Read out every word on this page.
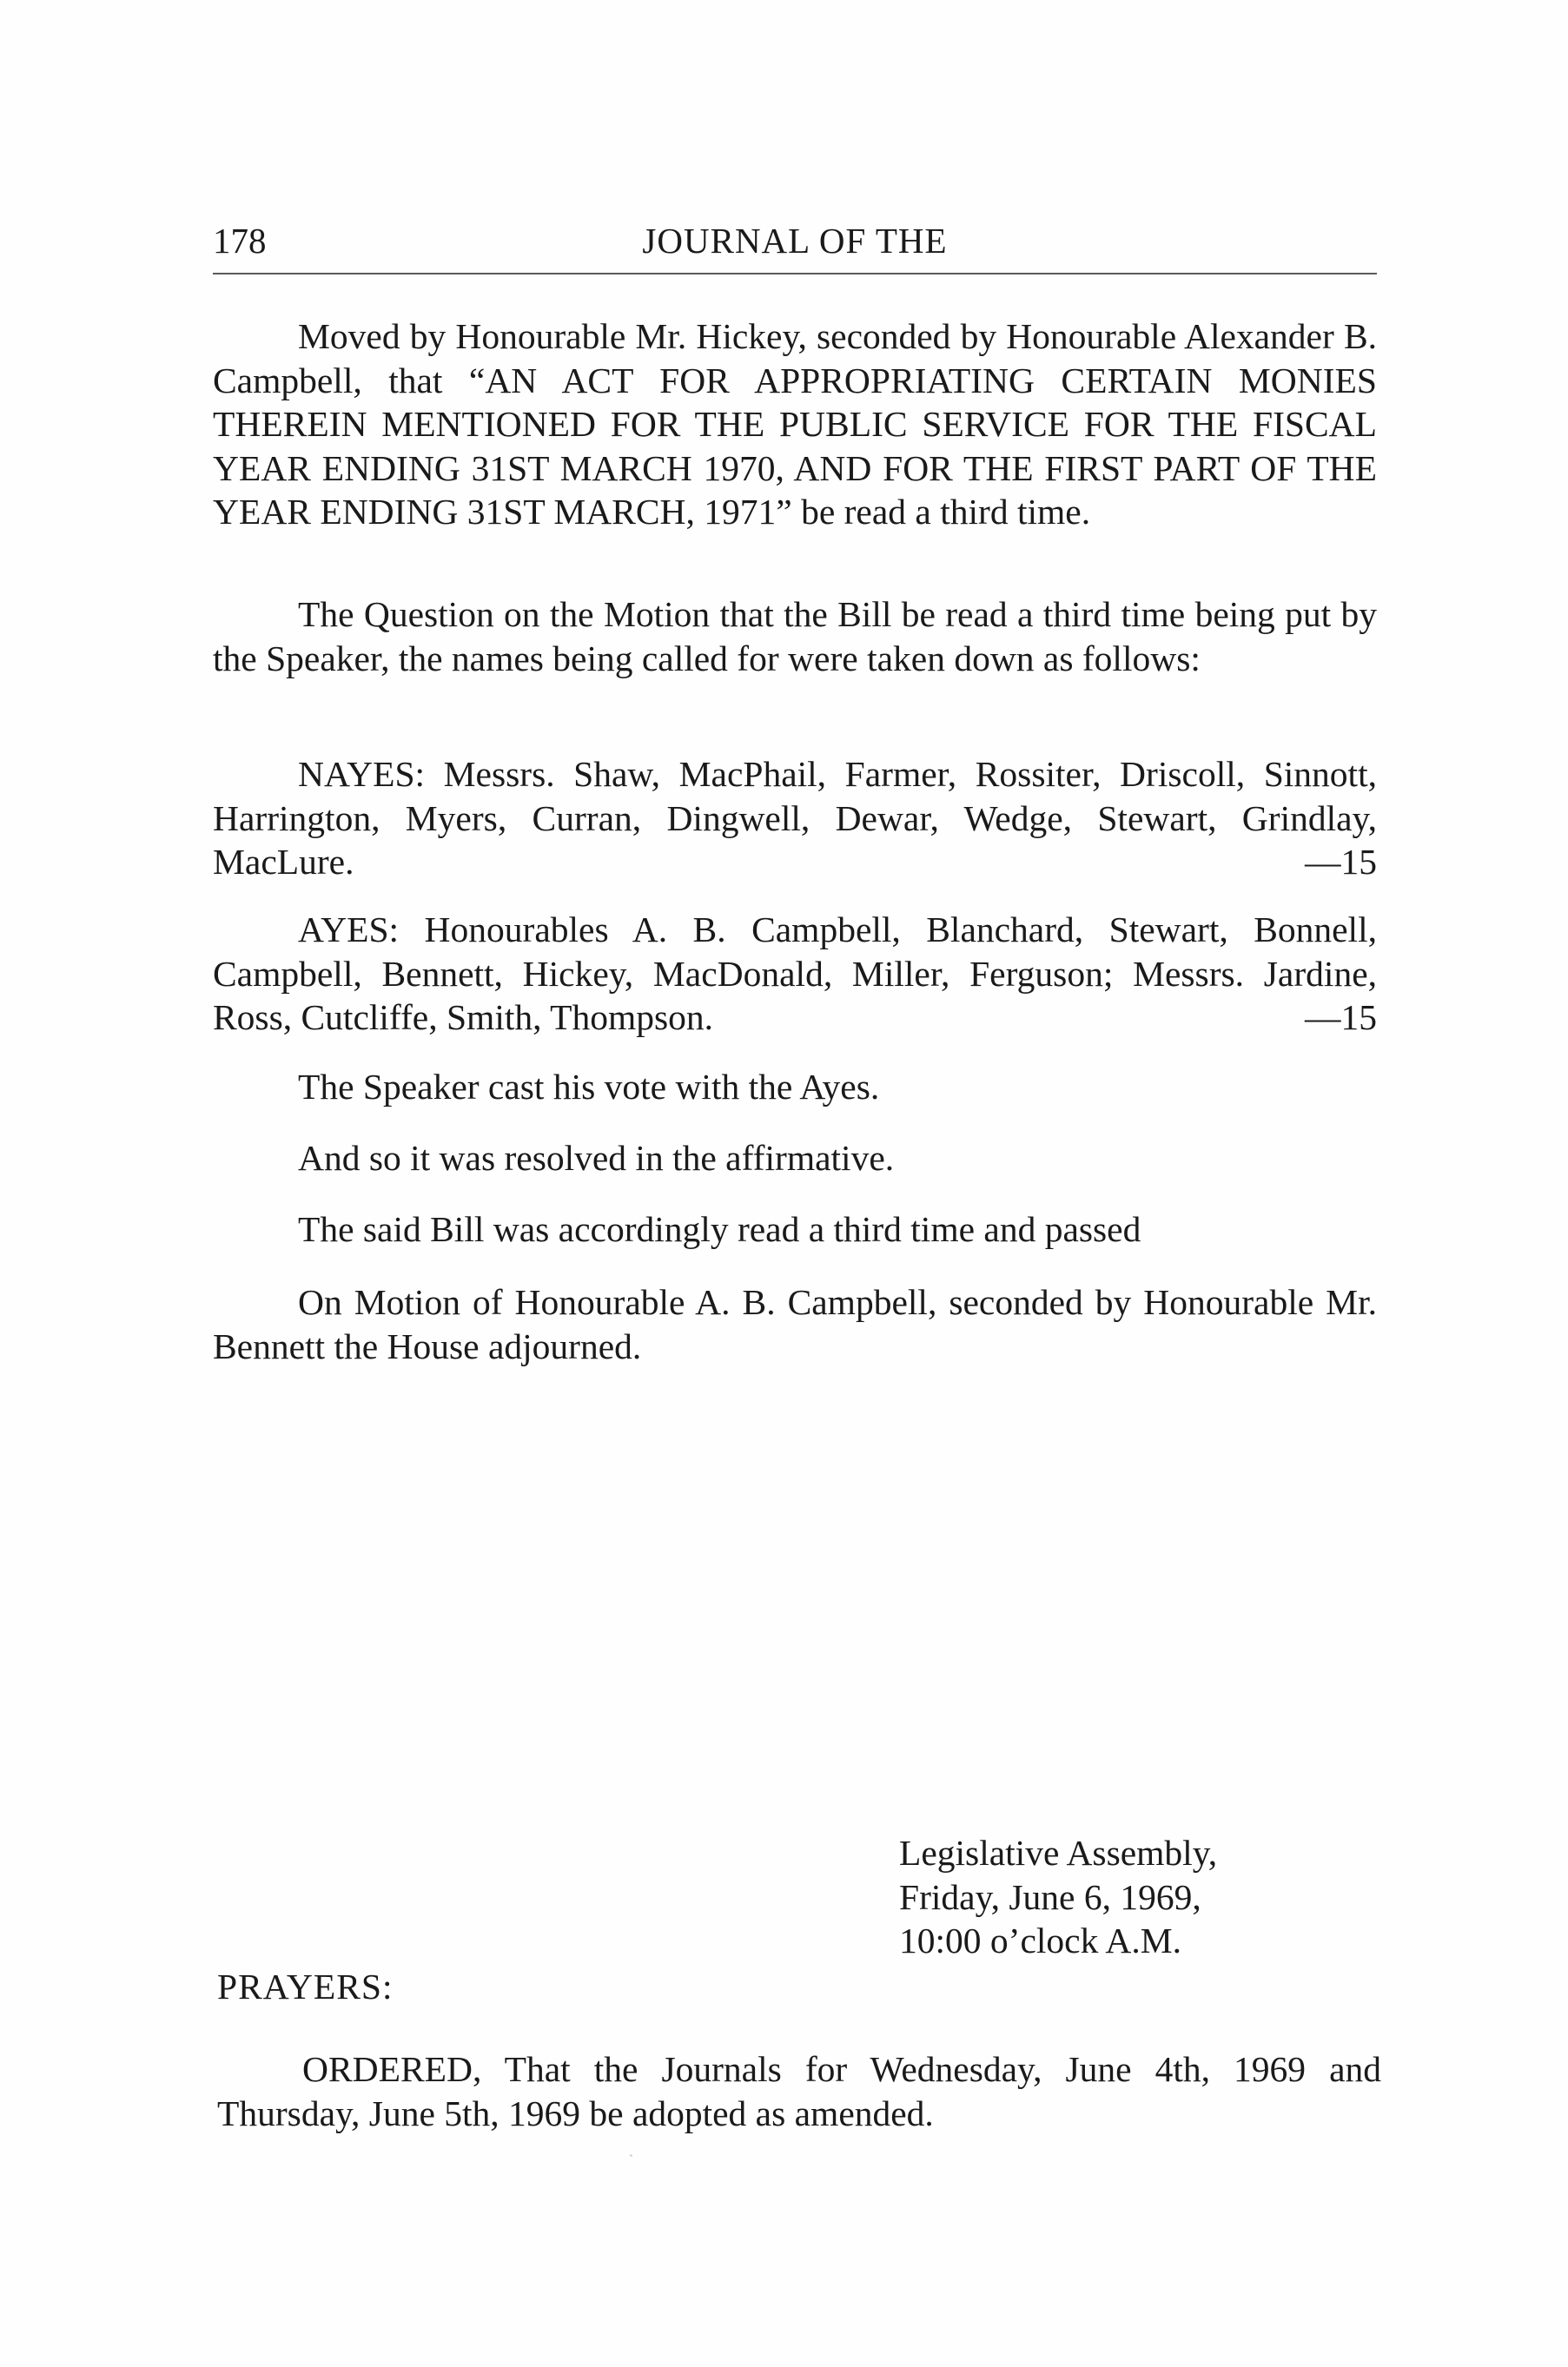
178	JOURNAL OF THE

Moved by Honourable Mr. Hickey, seconded by Honourable Alexander B. Campbell, that “AN ACT FOR APPROPRIATING CERTAIN MONIES THEREIN MENTIONED FOR THE PUBLIC SERVICE FOR THE FISCAL YEAR ENDING 31ST MARCH 1970, AND FOR THE FIRST PART OF THE YEAR ENDING 31ST MARCH, 1971” be read a third time.

The Question on the Motion that the Bill be read a third time being put by the Speaker, the names being called for were taken down as follows:

NAYES: Messrs. Shaw, MacPhail, Farmer, Rossiter, Driscoll, Sinnott, Harrington, Myers, Curran, Dingwell, Dewar, Wedge, Stewart, Grindlay, MacLure.	—15

AYES: Honourables A. B. Campbell, Blanchard, Stewart, Bonnell, Campbell, Bennett, Hickey, MacDonald, Miller, Ferguson; Messrs. Jardine, Ross, Cutcliffe, Smith, Thompson.	—15

The Speaker cast his vote with the Ayes.

And so it was resolved in the affirmative.

The said Bill was accordingly read a third time and passed

On Motion of Honourable A. B. Campbell, seconded by Honourable Mr. Bennett the House adjourned.

Legislative Assembly,
Friday, June 6, 1969,
10:00 o’clock A.M.
PRAYERS:

ORDERED, That the Journals for Wednesday, June 4th, 1969 and Thursday, June 5th, 1969 be adopted as amended.
